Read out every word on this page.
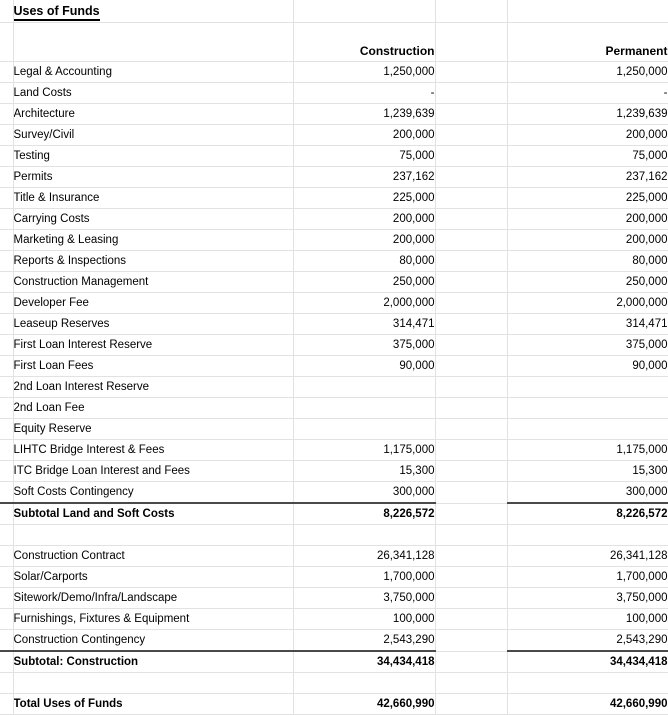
	Uses of Funds			
		Construction		Permanent
	Legal & Accounting	1,250,000		1,250,000
	Land Costs	-		-
	Architecture	1,239,639		1,239,639
	Survey/Civil	200,000		200,000
	Testing	75,000		75,000
	Permits	237,162		237,162
	Title & Insurance	225,000		225,000
	Carrying Costs	200,000		200,000
	Marketing & Leasing	200,000		200,000
	Reports & Inspections	80,000		80,000
	Construction Management	250,000		250,000
	Developer Fee	2,000,000		2,000,000
	Leaseup Reserves	314,471		314,471
	First Loan Interest Reserve	375,000		375,000
	First Loan Fees	90,000		90,000
	2nd Loan Interest Reserve			
	2nd Loan Fee			
	Equity Reserve			
	LIHTC Bridge Interest & Fees	1,175,000		1,175,000
	ITC Bridge Loan Interest and Fees	15,300		15,300
	Soft Costs Contingency	300,000		300,000
	Subtotal Land and Soft Costs	8,226,572		8,226,572

	Construction Contract	26,341,128		26,341,128
	Solar/Carports	1,700,000		1,700,000
	Sitework/Demo/Infra/Landscape	3,750,000		3,750,000
	Furnishings, Fixtures & Equipment	100,000		100,000
	Construction Contingency	2,543,290		2,543,290
	Subtotal: Construction	34,434,418		34,434,418

	Total Uses of Funds	42,660,990		42,660,990
